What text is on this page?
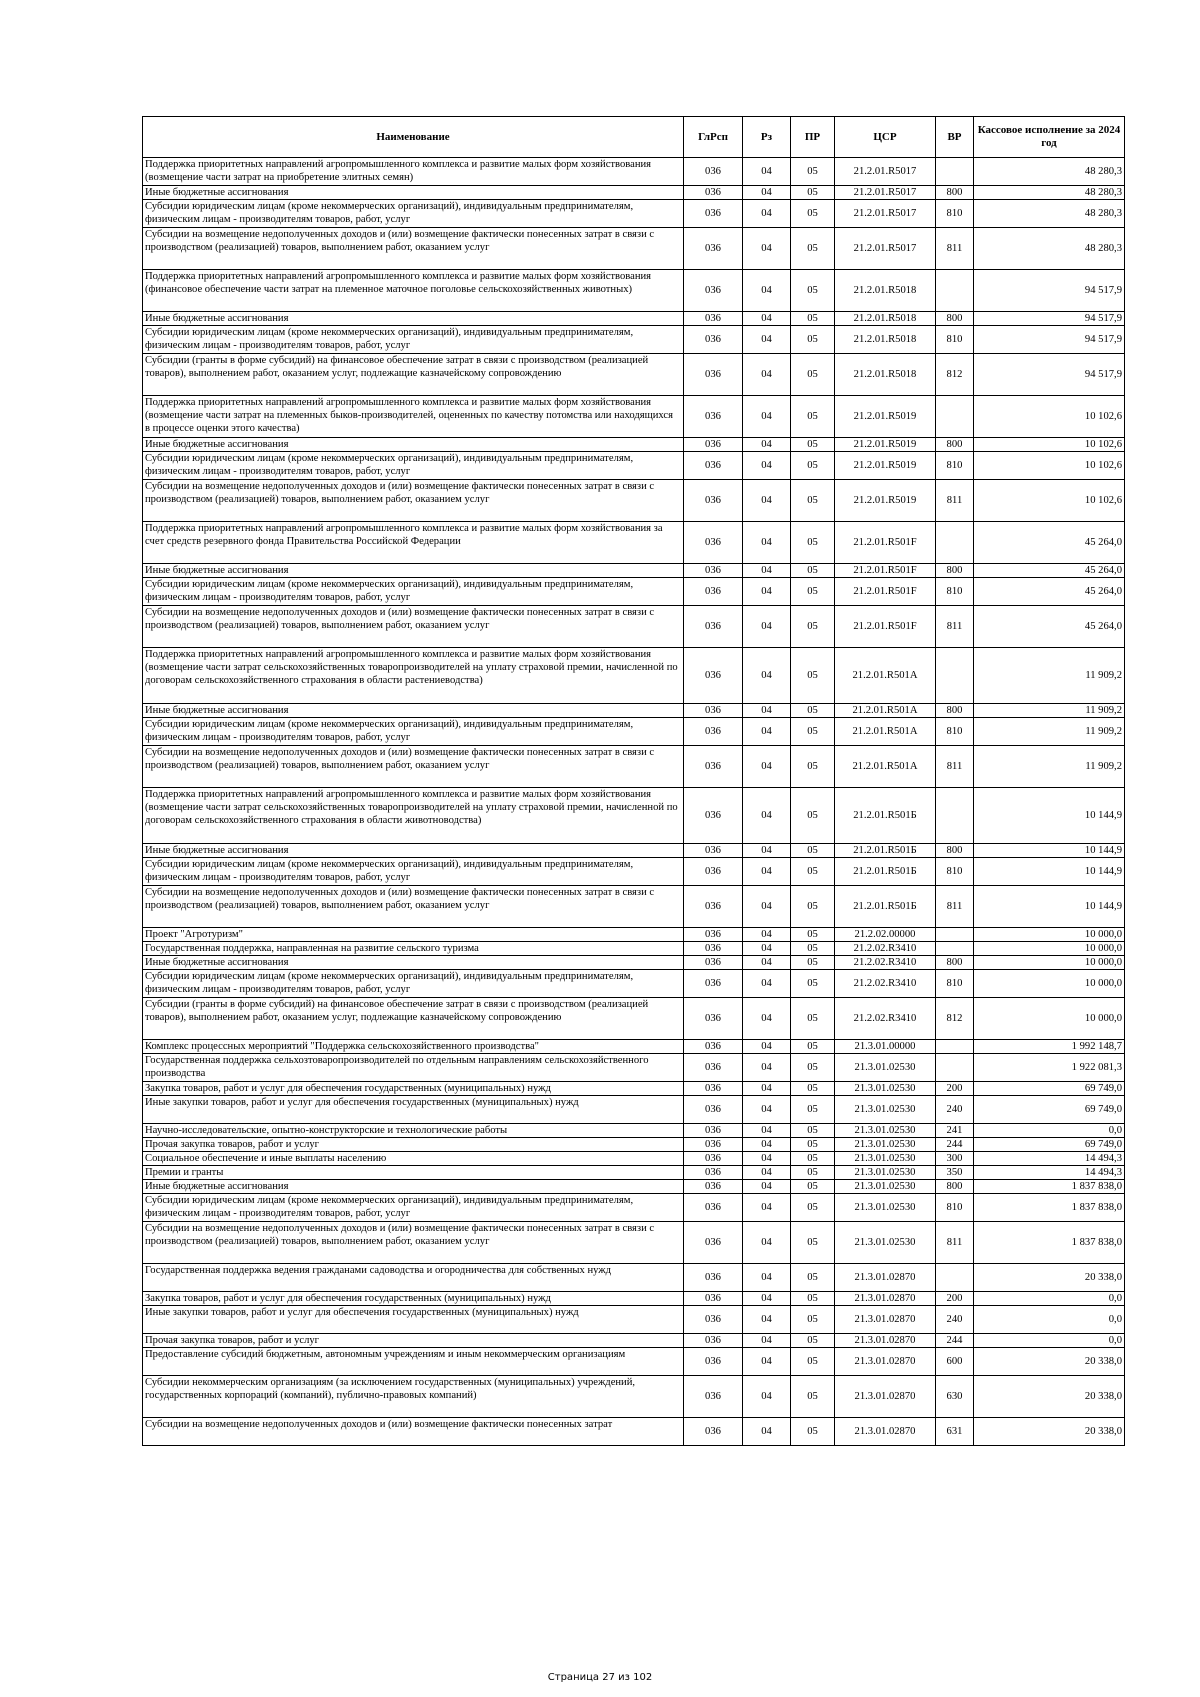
Наименование	ГлРсп	Рз	ПР	ЦСР	ВР	Кассовое исполнение за 2024 год
Поддержка приоритетных направлений агропромышленного комплекса и развитие малых форм хозяйствования (возмещение части затрат на приобретение элитных семян)	036	04	05	21.2.01.R5017		48 280,3
Иные бюджетные ассигнования	036	04	05	21.2.01.R5017	800	48 280,3
Субсидии юридическим лицам (кроме некоммерческих организаций), индивидуальным предпринимателям, физическим лицам - производителям товаров, работ, услуг	036	04	05	21.2.01.R5017	810	48 280,3
Субсидии на возмещение недополученных доходов и (или) возмещение фактически понесенных затрат в связи с производством (реализацией) товаров, выполнением работ, оказанием услуг	036	04	05	21.2.01.R5017	811	48 280,3
Поддержка приоритетных направлений агропромышленного комплекса и развитие малых форм хозяйствования (финансовое обеспечение части затрат на племенное маточное поголовье сельскохозяйственных животных)	036	04	05	21.2.01.R5018		94 517,9
Иные бюджетные ассигнования	036	04	05	21.2.01.R5018	800	94 517,9
Субсидии юридическим лицам (кроме некоммерческих организаций), индивидуальным предпринимателям, физическим лицам - производителям товаров, работ, услуг	036	04	05	21.2.01.R5018	810	94 517,9
Субсидии (гранты в форме субсидий) на финансовое обеспечение затрат в связи с производством (реализацией товаров), выполнением работ, оказанием услуг, подлежащие казначейскому сопровождению	036	04	05	21.2.01.R5018	812	94 517,9
Поддержка приоритетных направлений агропромышленного комплекса и развитие малых форм хозяйствования (возмещение части затрат на племенных быков-производителей, оцененных по качеству потомства или находящихся в процессе оценки этого качества)	036	04	05	21.2.01.R5019		10 102,6
Иные бюджетные ассигнования	036	04	05	21.2.01.R5019	800	10 102,6
Субсидии юридическим лицам (кроме некоммерческих организаций), индивидуальным предпринимателям, физическим лицам - производителям товаров, работ, услуг	036	04	05	21.2.01.R5019	810	10 102,6
Субсидии на возмещение недополученных доходов и (или) возмещение фактически понесенных затрат в связи с производством (реализацией) товаров, выполнением работ, оказанием услуг	036	04	05	21.2.01.R5019	811	10 102,6
Поддержка приоритетных направлений агропромышленного комплекса и развитие малых форм хозяйствования за счет средств резервного фонда Правительства Российской Федерации	036	04	05	21.2.01.R501F		45 264,0
Иные бюджетные ассигнования	036	04	05	21.2.01.R501F	800	45 264,0
Субсидии юридическим лицам (кроме некоммерческих организаций), индивидуальным предпринимателям, физическим лицам - производителям товаров, работ, услуг	036	04	05	21.2.01.R501F	810	45 264,0
Субсидии на возмещение недополученных доходов и (или) возмещение фактически понесенных затрат в связи с производством (реализацией) товаров, выполнением работ, оказанием услуг	036	04	05	21.2.01.R501F	811	45 264,0
Поддержка приоритетных направлений агропромышленного комплекса и развитие малых форм хозяйствования (возмещение части затрат сельскохозяйственных товаропроизводителей на уплату страховой премии, начисленной по договорам сельскохозяйственного страхования в области растениеводства)	036	04	05	21.2.01.R501А		11 909,2
Иные бюджетные ассигнования	036	04	05	21.2.01.R501А	800	11 909,2
Субсидии юридическим лицам (кроме некоммерческих организаций), индивидуальным предпринимателям, физическим лицам - производителям товаров, работ, услуг	036	04	05	21.2.01.R501А	810	11 909,2
Субсидии на возмещение недополученных доходов и (или) возмещение фактически понесенных затрат в связи с производством (реализацией) товаров, выполнением работ, оказанием услуг	036	04	05	21.2.01.R501А	811	11 909,2
Поддержка приоритетных направлений агропромышленного комплекса и развитие малых форм хозяйствования (возмещение части затрат сельскохозяйственных товаропроизводителей на уплату страховой премии, начисленной по договорам сельскохозяйственного страхования в области животноводства)	036	04	05	21.2.01.R501Б		10 144,9
Иные бюджетные ассигнования	036	04	05	21.2.01.R501Б	800	10 144,9
Субсидии юридическим лицам (кроме некоммерческих организаций), индивидуальным предпринимателям, физическим лицам - производителям товаров, работ, услуг	036	04	05	21.2.01.R501Б	810	10 144,9
Субсидии на возмещение недополученных доходов и (или) возмещение фактически понесенных затрат в связи с производством (реализацией) товаров, выполнением работ, оказанием услуг	036	04	05	21.2.01.R501Б	811	10 144,9
Проект "Агротуризм"	036	04	05	21.2.02.00000		10 000,0
Государственная поддержка, направленная на развитие сельского туризма	036	04	05	21.2.02.R3410		10 000,0
Иные бюджетные ассигнования	036	04	05	21.2.02.R3410	800	10 000,0
Субсидии юридическим лицам (кроме некоммерческих организаций), индивидуальным предпринимателям, физическим лицам - производителям товаров, работ, услуг	036	04	05	21.2.02.R3410	810	10 000,0
Субсидии (гранты в форме субсидий) на финансовое обеспечение затрат в связи с производством (реализацией товаров), выполнением работ, оказанием услуг, подлежащие казначейскому сопровождению	036	04	05	21.2.02.R3410	812	10 000,0
Комплекс процессных мероприятий "Поддержка сельскохозяйственного производства"	036	04	05	21.3.01.00000		1 992 148,7
Государственная поддержка сельхозтоваропроизводителей по отдельным направлениям сельскохозяйственного производства	036	04	05	21.3.01.02530		1 922 081,3
Закупка товаров, работ и услуг для обеспечения государственных (муниципальных) нужд	036	04	05	21.3.01.02530	200	69 749,0
Иные закупки товаров, работ и услуг для обеспечения государственных (муниципальных) нужд	036	04	05	21.3.01.02530	240	69 749,0
Научно-исследовательские, опытно-конструкторские и технологические работы	036	04	05	21.3.01.02530	241	0,0
Прочая закупка товаров, работ и услуг	036	04	05	21.3.01.02530	244	69 749,0
Социальное обеспечение и иные выплаты населению	036	04	05	21.3.01.02530	300	14 494,3
Премии и гранты	036	04	05	21.3.01.02530	350	14 494,3
Иные бюджетные ассигнования	036	04	05	21.3.01.02530	800	1 837 838,0
Субсидии юридическим лицам (кроме некоммерческих организаций), индивидуальным предпринимателям, физическим лицам - производителям товаров, работ, услуг	036	04	05	21.3.01.02530	810	1 837 838,0
Субсидии на возмещение недополученных доходов и (или) возмещение фактически понесенных затрат в связи с производством (реализацией) товаров, выполнением работ, оказанием услуг	036	04	05	21.3.01.02530	811	1 837 838,0
Государственная поддержка ведения гражданами садоводства и огородничества для собственных нужд	036	04	05	21.3.01.02870		20 338,0
Закупка товаров, работ и услуг для обеспечения государственных (муниципальных) нужд	036	04	05	21.3.01.02870	200	0,0
Иные закупки товаров, работ и услуг для обеспечения государственных (муниципальных) нужд	036	04	05	21.3.01.02870	240	0,0
Прочая закупка товаров, работ и услуг	036	04	05	21.3.01.02870	244	0,0
Предоставление субсидий бюджетным, автономным учреждениям и иным некоммерческим организациям	036	04	05	21.3.01.02870	600	20 338,0
Субсидии некоммерческим организациям (за исключением государственных (муниципальных) учреждений, государственных корпораций (компаний), публично-правовых компаний)	036	04	05	21.3.01.02870	630	20 338,0
Субсидии на возмещение недополученных доходов и (или) возмещение фактически понесенных затрат	036	04	05	21.3.01.02870	631	20 338,0
Страница 27 из 102
